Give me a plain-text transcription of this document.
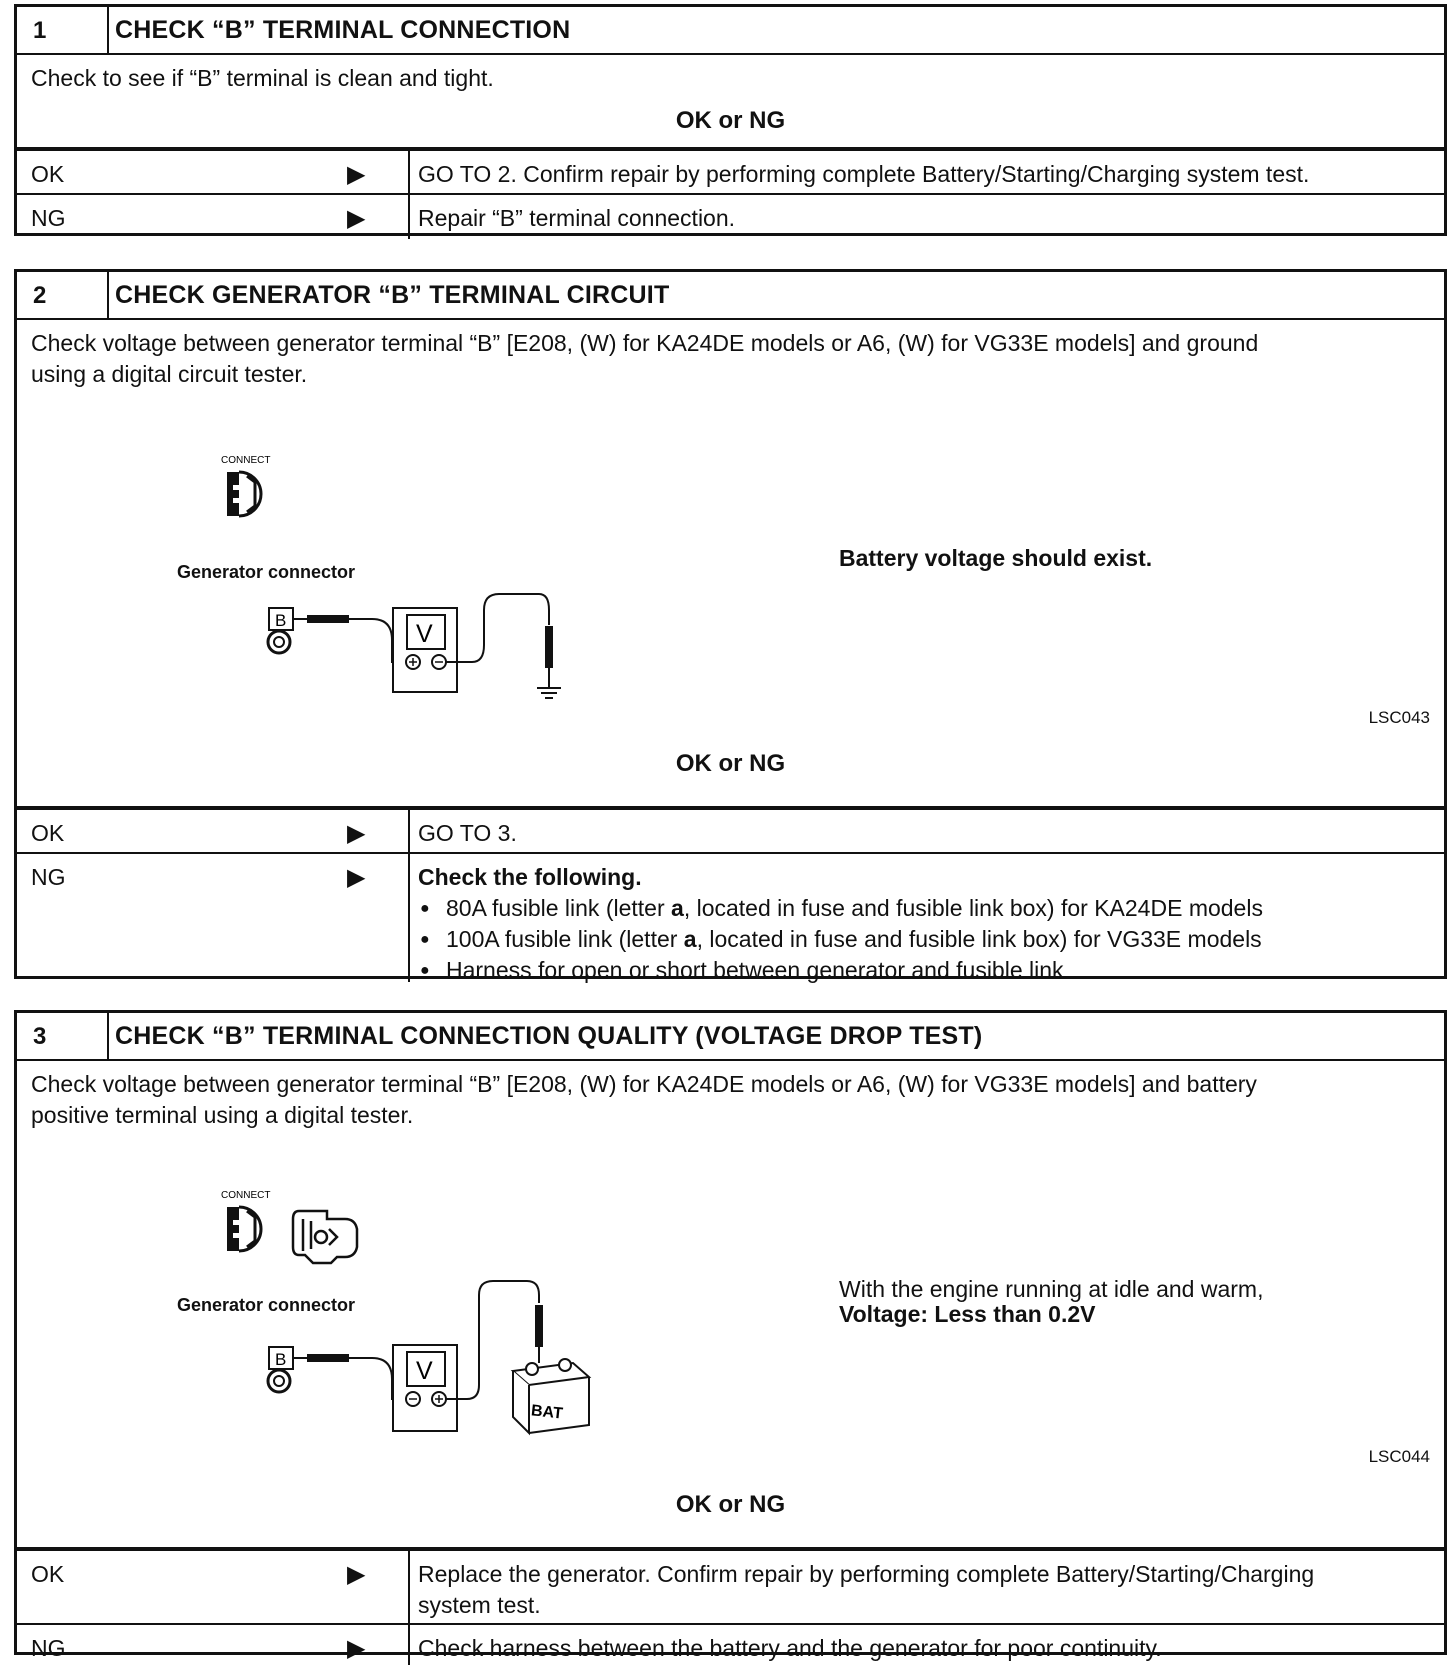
1	CHECK “B” TERMINAL CONNECTION
Check to see if “B” terminal is clean and tight.
OK or NG
OK	▶	GO TO 2. Confirm repair by performing complete Battery/Starting/Charging system test.
NG	▶	Repair “B” terminal connection.
2	CHECK GENERATOR “B” TERMINAL CIRCUIT
Check voltage between generator terminal “B” [E208, (W) for KA24DE models or A6, (W) for VG33E models] and ground
using a digital circuit tester.
CONNECT
B	V
Generator connector
Battery voltage should exist.
LSC043
OK or NG
OK	▶	GO TO 3.
NG	▶ Check the following.
● 80A fusible link (letter a, located in fuse and fusible link box) for KA24DE models
● 100A fusible link (letter a, located in fuse and fusible link box) for VG33E models
● Harness for open or short between generator and fusible link
3	CHECK “B” TERMINAL CONNECTION QUALITY (VOLTAGE DROP TEST)
Check voltage between generator terminal “B” [E208, (W) for KA24DE models or A6, (W) for VG33E models] and battery
positive terminal using a digital tester.
CONNECT
B	V
BAT
Generator connector
With the engine running at idle and warm,
Voltage: Less than 0.2V
LSC044
OK or NG
OK	▶ Replace the generator. Confirm repair by performing complete Battery/Starting/Charging
system test.
NG	▶	Check harness between the battery and the generator for poor continuity.
